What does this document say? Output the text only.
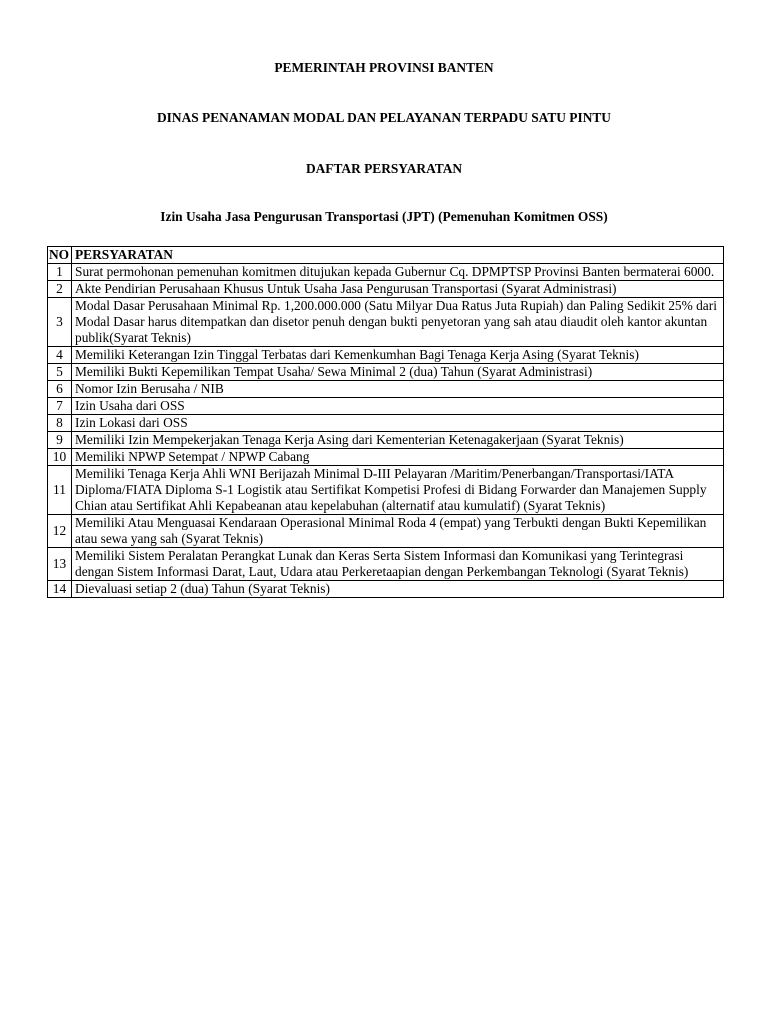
PEMERINTAH PROVINSI BANTEN
DINAS PENANAMAN MODAL DAN PELAYANAN TERPADU SATU PINTU
DAFTAR PERSYARATAN
Izin Usaha Jasa Pengurusan Transportasi (JPT) (Pemenuhan Komitmen OSS)
NO	PERSYARATAN
1	Surat permohonan pemenuhan komitmen ditujukan kepada Gubernur Cq. DPMPTSP Provinsi Banten bermaterai 6000.
2	Akte Pendirian Perusahaan Khusus Untuk Usaha Jasa Pengurusan Transportasi (Syarat Administrasi)
3	Modal Dasar Perusahaan Minimal Rp. 1,200.000.000 (Satu Milyar Dua Ratus Juta Rupiah) dan Paling Sedikit 25% dari Modal Dasar harus ditempatkan dan disetor penuh dengan bukti penyetoran yang sah atau diaudit oleh kantor akuntan publik(Syarat Teknis)
4	Memiliki Keterangan Izin Tinggal Terbatas dari Kemenkumhan Bagi Tenaga Kerja Asing (Syarat Teknis)
5	Memiliki Bukti Kepemilikan Tempat Usaha/ Sewa Minimal 2 (dua) Tahun (Syarat Administrasi)
6	Nomor Izin Berusaha / NIB
7	Izin Usaha dari OSS
8	Izin Lokasi dari OSS
9	Memiliki Izin Mempekerjakan Tenaga Kerja Asing dari Kementerian Ketenagakerjaan (Syarat Teknis)
10	Memiliki NPWP Setempat / NPWP Cabang
11	Memiliki Tenaga Kerja Ahli WNI Berijazah Minimal D-III Pelayaran /Maritim/Penerbangan/Transportasi/IATA Diploma/FIATA Diploma S-1 Logistik atau Sertifikat Kompetisi Profesi di Bidang Forwarder dan Manajemen Supply Chian atau Sertifikat Ahli Kepabeanan atau kepelabuhan (alternatif atau kumulatif) (Syarat Teknis)
12	Memiliki Atau Menguasai Kendaraan Operasional Minimal Roda 4 (empat) yang Terbukti dengan Bukti Kepemilikan atau sewa yang sah (Syarat Teknis)
13	Memiliki Sistem Peralatan Perangkat Lunak dan Keras Serta Sistem Informasi dan Komunikasi yang Terintegrasi dengan Sistem Informasi Darat, Laut, Udara atau Perkeretaapian dengan Perkembangan Teknologi (Syarat Teknis)
14	Dievaluasi setiap 2 (dua) Tahun (Syarat Teknis)
